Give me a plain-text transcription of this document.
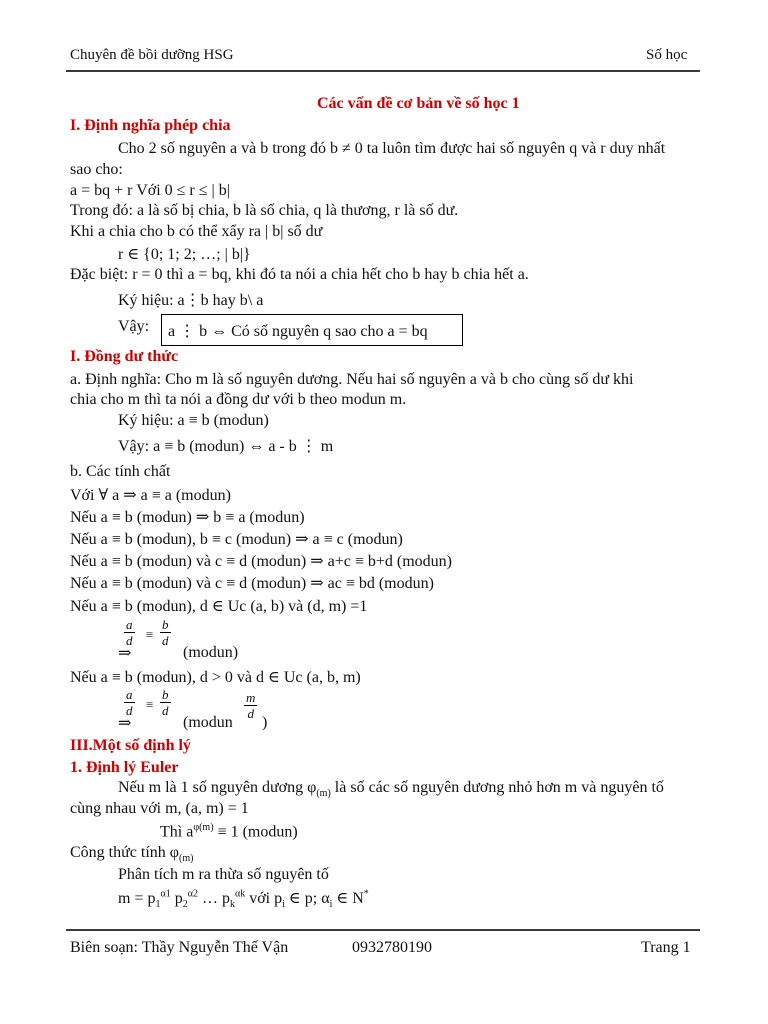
Chuyên đề bồi dưỡng HSG	Số học
Các vấn đề cơ bản về số học 1
I. Định nghĩa phép chia
Cho 2 số nguyên a và b trong đó b ≠ 0 ta luôn tìm được hai số nguyên q và r duy nhất
sao cho:
a = bq + r Với 0 ≤ r ≤ | b|
Trong đó: a là số bị chia, b là số chia, q là thương, r là số dư.
Khi a chia cho b có thể xẩy ra | b| số dư
r ∈ {0; 1; 2; …; | b|}
Đặc biệt: r = 0 thì a = bq, khi đó ta nói a chia hết cho b hay b chia hết a.
Ký hiệu: a⋮b hay b\ a
Vậy: a ⋮ b ⇔ Có số nguyên q sao cho a = bq
I. Đồng dư thức
a. Định nghĩa: Cho m là số nguyên dương. Nếu hai số nguyên a và b cho cùng số dư khi
chia cho m thì ta nói a đồng dư với b theo modun m.
Ký hiệu: a ≡ b (modun)
Vậy: a ≡ b (modun) ⇔ a - b ⋮ m
b. Các tính chất
Với ∀ a ⇒ a ≡ a (modun)
Nếu a ≡ b (modun) ⇒ b ≡ a (modun)
Nếu a ≡ b (modun), b ≡ c (modun) ⇒ a ≡ c (modun)
Nếu a ≡ b (modun) và c ≡ d (modun) ⇒ a+c ≡ b+d (modun)
Nếu a ≡ b (modun) và c ≡ d (modun) ⇒ ac ≡ bd (modun)
Nếu a ≡ b (modun), d ∈ Uc (a, b) và (d, m) =1
⇒
$\frac{a}{d} \equiv \frac{b}{d}$
(modun)
Nếu a ≡ b (modun), d > 0 và d ∈ Uc (a, b, m)
⇒
$\frac{a}{d} \equiv \frac{b}{d}$
(modun
$\frac{m}{d}$
)
III.Một số định lý
1. Định lý Euler
Nếu m là 1 số nguyên dương $\varphi_{(m)}$ là số các số nguyên dương nhỏ hơn m và nguyên tố
cùng nhau với m, (a, m) = 1
Thì $a^{\varphi(m)} \equiv 1$ (modun)
Công thức tính $\varphi_{(m)}$
Phân tích m ra thừa số nguyên tố
$m = p_1^{\alpha 1}$ $p_2^{\alpha 2}$ … $p_k^{\alpha k}$ với $p_i$ ∈ p; $\alpha_i$ ∈ N*
Biên soạn: Thầy Nguyễn Thế Vận	0932780190	Trang 1
